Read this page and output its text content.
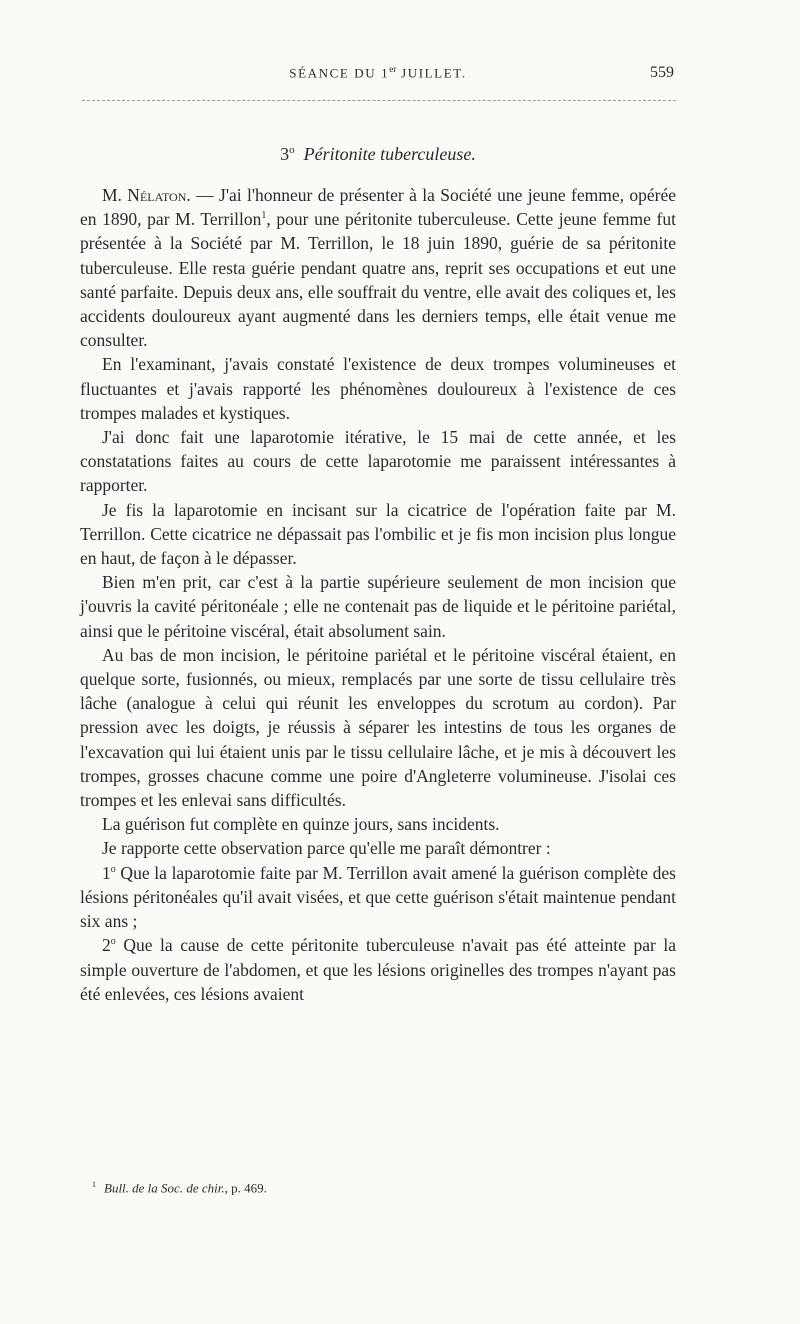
SÉANCE DU 1er JUILLET.	559
3$^o$ Péritonite tuberculeuse.

M. Nélaton. — J'ai l'honneur de présenter à la Société une jeune femme, opérée en 1890, par M. Terrillon$^1$, pour une péritonite tuberculeuse. Cette jeune femme fut présentée à la Société par M. Terrillon, le 18 juin 1890, guérie de sa péritonite tuberculeuse. Elle resta guérie pendant quatre ans, reprit ses occupations et eut une santé parfaite. Depuis deux ans, elle souffrait du ventre, elle avait des coliques et, les accidents douloureux ayant augmenté dans les derniers temps, elle était venue me consulter.

En l'examinant, j'avais constaté l'existence de deux trompes volumineuses et fluctuantes et j'avais rapporté les phénomènes douloureux à l'existence de ces trompes malades et kystiques.

J'ai donc fait une laparotomie itérative, le 15 mai de cette année, et les constatations faites au cours de cette laparotomie me paraissent intéressantes à rapporter.

Je fis la laparotomie en incisant sur la cicatrice de l'opération faite par M. Terrillon. Cette cicatrice ne dépassait pas l'ombilic et je fis mon incision plus longue en haut, de façon à le dépasser.

Bien m'en prit, car c'est à la partie supérieure seulement de mon incision que j'ouvris la cavité péritonéale ; elle ne contenait pas de liquide et le péritoine pariétal, ainsi que le péritoine viscéral, était absolument sain.

Au bas de mon incision, le péritoine pariétal et le péritoine viscéral étaient, en quelque sorte, fusionnés, ou mieux, remplacés par une sorte de tissu cellulaire très lâche (analogue à celui qui réunit les enveloppes du scrotum au cordon). Par pression avec les doigts, je réussis à séparer les intestins de tous les organes de l'excavation qui lui étaient unis par le tissu cellulaire lâche, et je mis à découvert les trompes, grosses chacune comme une poire d'Angleterre volumineuse. J'isolai ces trompes et les enlevai sans difficultés.

La guérison fut complète en quinze jours, sans incidents.

Je rapporte cette observation parce qu'elle me paraît démontrer :

1$^o$ Que la laparotomie faite par M. Terrillon avait amené la guérison complète des lésions péritonéales qu'il avait visées, et que cette guérison s'était maintenue pendant six ans ;

2$^o$ Que la cause de cette péritonite tuberculeuse n'avait pas été atteinte par la simple ouverture de l'abdomen, et que les lésions originelles des trompes n'ayant pas été enlevées, ces lésions avaient

$^1$ Bull. de la Soc. de chir., p. 469.
